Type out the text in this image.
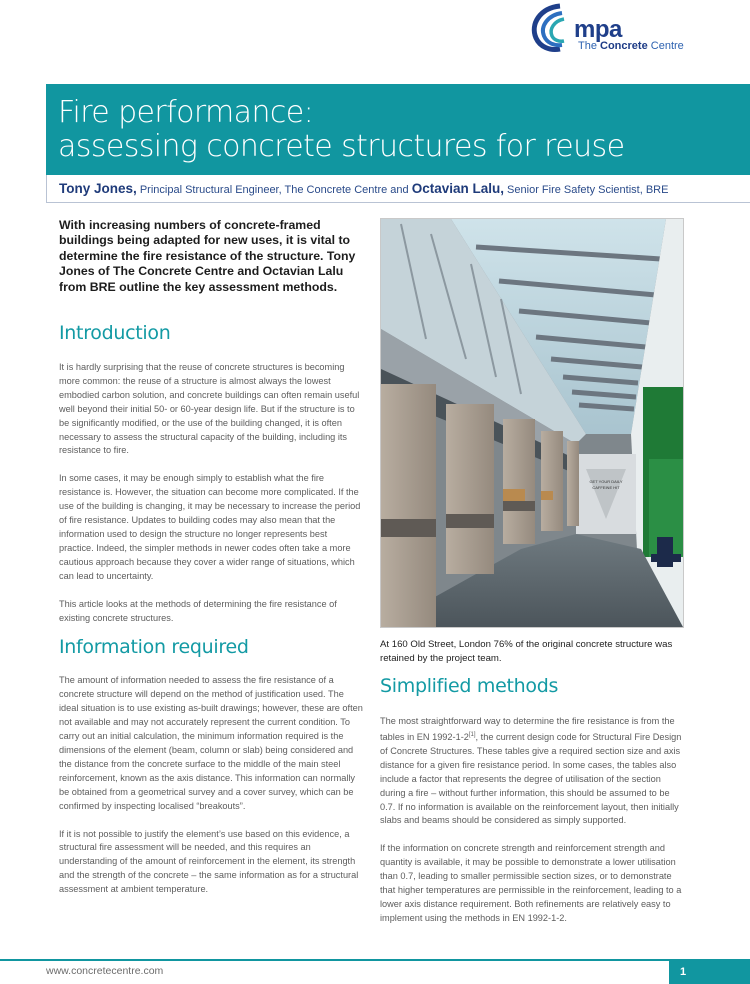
mpa
The Concrete Centre
Fire performance:
assessing concrete structures for reuse
Tony Jones, Principal Structural Engineer, The Concrete Centre and Octavian Lalu, Senior Fire Safety Scientist, BRE

With increasing numbers of concrete-framed buildings being adapted for new uses, it is vital to determine the fire resistance of the structure. Tony Jones of The Concrete Centre and Octavian Lalu from BRE outline the key assessment methods.

Introduction

It is hardly surprising that the reuse of concrete structures is becoming more common: the reuse of a structure is almost always the lowest embodied carbon solution, and concrete buildings can often remain useful well beyond their initial 50- or 60-year design life. But if the structure is to be significantly modified, or the use of the building changed, it is often necessary to assess the structural capacity of the building, including its resistance to fire.

In some cases, it may be enough simply to establish what the fire resistance is. However, the situation can become more complicated. If the use of the building is changing, it may be necessary to increase the period of fire resistance. Updates to building codes may also mean that the information used to design the structure no longer represents best practice. Indeed, the simpler methods in newer codes often take a more cautious approach because they cover a wider range of situations, which can lead to uncertainty.

This article looks at the methods of determining the fire resistance of existing concrete structures.

Information required

The amount of information needed to assess the fire resistance of a concrete structure will depend on the method of justification used. The ideal situation is to use existing as-built drawings; however, these are often not available and may not accurately represent the current condition. To carry out an initial calculation, the minimum information required is the dimensions of the element (beam, column or slab) being considered and the distance from the concrete surface to the middle of the main steel reinforcement, known as the axis distance. This information can normally be obtained from a geometrical survey and a cover survey, which can be confirmed by inspecting localised “breakouts”.

If it is not possible to justify the element’s use based on this evidence, a structural fire assessment will be needed, and this requires an understanding of the amount of reinforcement in the element, its strength and the strength of the concrete – the same information as for a structural assessment at ambient temperature.

GET YOUR DAILY
CAFFEINE HIT
At 160 Old Street, London 76% of the original concrete structure was retained by the project team.
Simplified methods

The most straightforward way to determine the fire resistance is from the tables in EN 1992-1-2[1], the current design code for Structural Fire Design of Concrete Structures. These tables give a required section size and axis distance for a given fire resistance period. In some cases, the tables also include a factor that represents the degree of utilisation of the section during a fire – without further information, this should be assumed to be 0.7. If no information is available on the reinforcement layout, then initially slabs and beams should be considered as simply supported.

If the information on concrete strength and reinforcement strength and quantity is available, it may be possible to demonstrate a lower utilisation than 0.7, leading to smaller permissible section sizes, or to demonstrate that higher temperatures are permissible in the reinforcement, leading to a lower axis distance requirement. Both refinements are relatively easy to implement using the methods in EN 1992-1-2.

www.concretecentre.com	1
